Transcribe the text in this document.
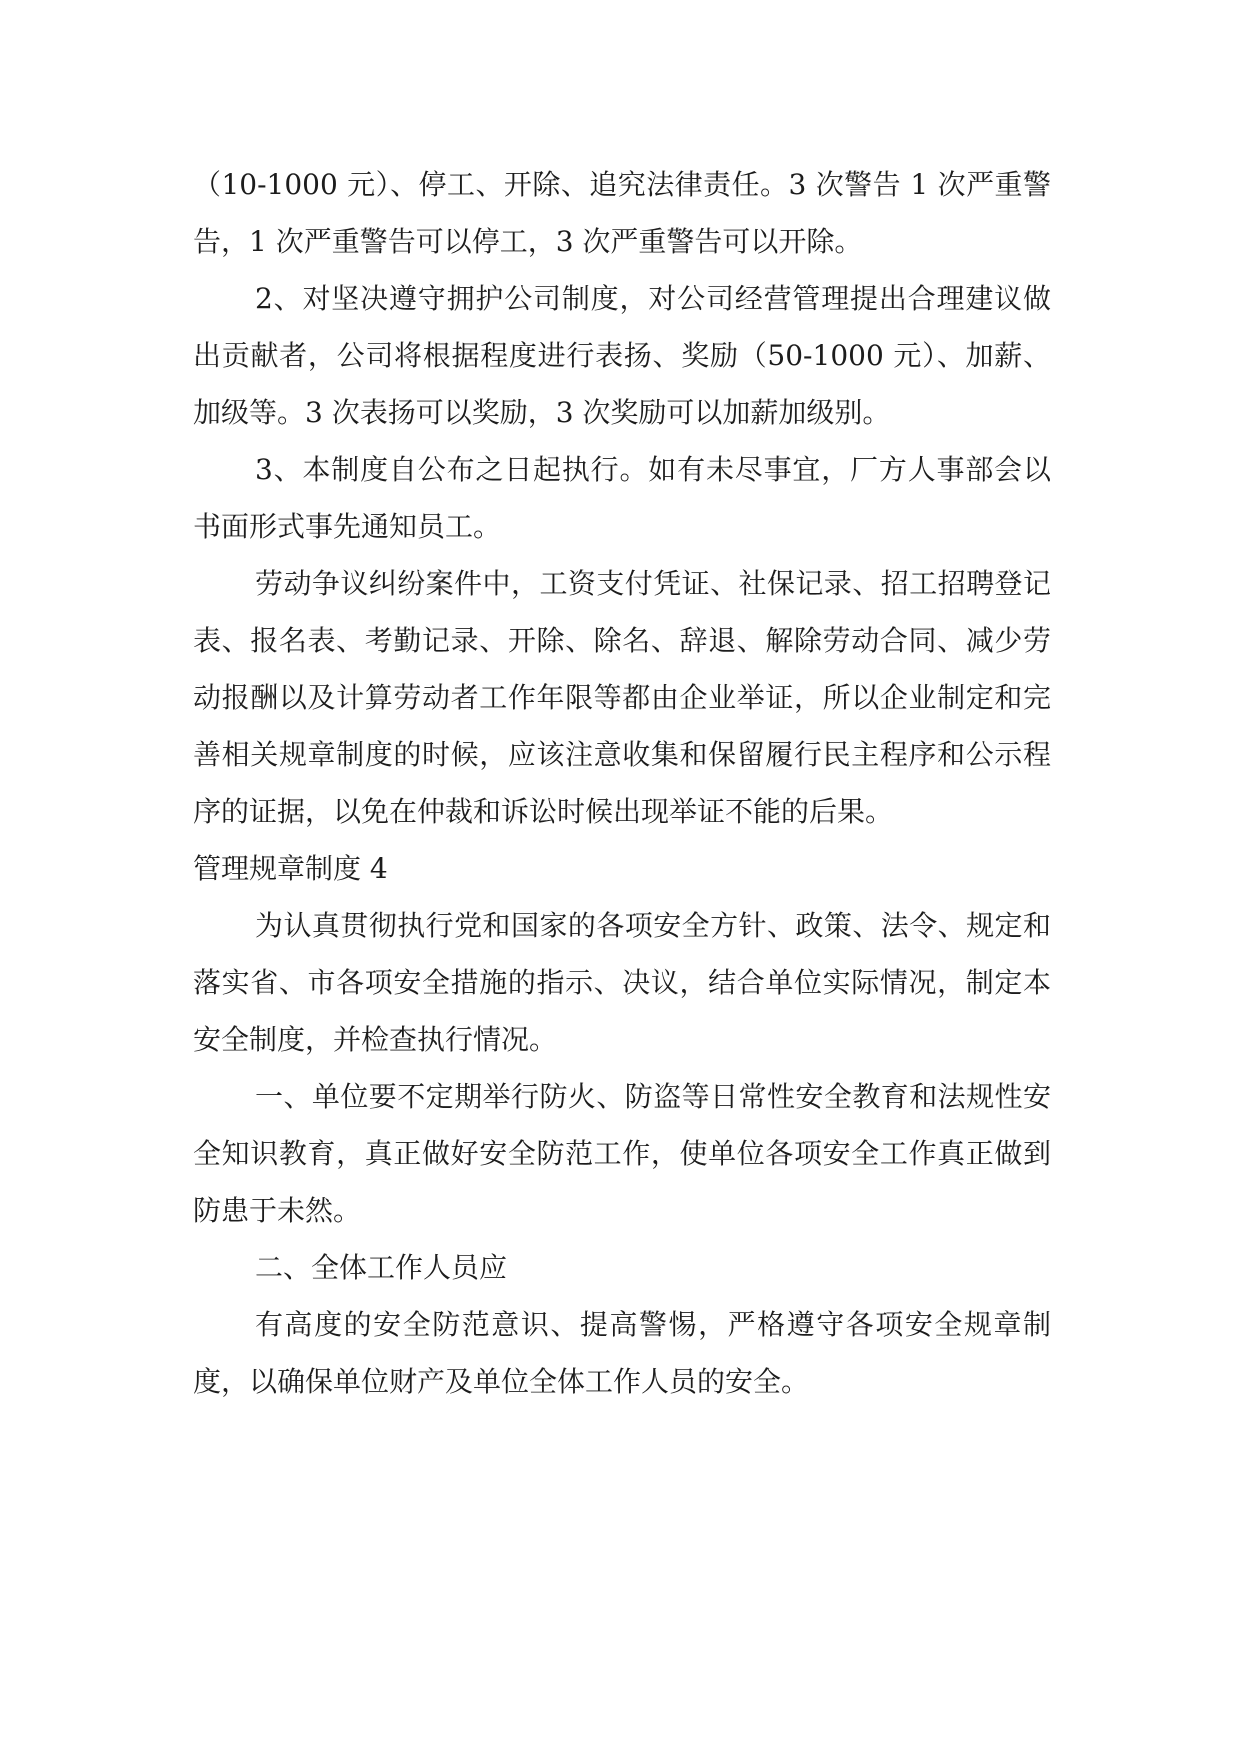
（10-1000 元）、停工、开除、追究法律责任。3 次警告 1 次严重警告，1 次严重警告可以停工，3 次严重警告可以开除。

2、对坚决遵守拥护公司制度，对公司经营管理提出合理建议做出贡献者，公司将根据程度进行表扬、奖励（50-1000 元）、加薪、加级等。3 次表扬可以奖励，3 次奖励可以加薪加级别。

3、本制度自公布之日起执行。如有未尽事宜，厂方人事部会以书面形式事先通知员工。

劳动争议纠纷案件中，工资支付凭证、社保记录、招工招聘登记表、报名表、考勤记录、开除、除名、辞退、解除劳动合同、减少劳动报酬以及计算劳动者工作年限等都由企业举证，所以企业制定和完善相关规章制度的时候，应该注意收集和保留履行民主程序和公示程序的证据，以免在仲裁和诉讼时候出现举证不能的后果。

管理规章制度 4

为认真贯彻执行党和国家的各项安全方针、政策、法令、规定和落实省、市各项安全措施的指示、决议，结合单位实际情况，制定本安全制度，并检查执行情况。

一、单位要不定期举行防火、防盗等日常性安全教育和法规性安全知识教育，真正做好安全防范工作，使单位各项安全工作真正做到防患于未然。

二、全体工作人员应

有高度的安全防范意识、提高警惕，严格遵守各项安全规章制度，以确保单位财产及单位全体工作人员的安全。
